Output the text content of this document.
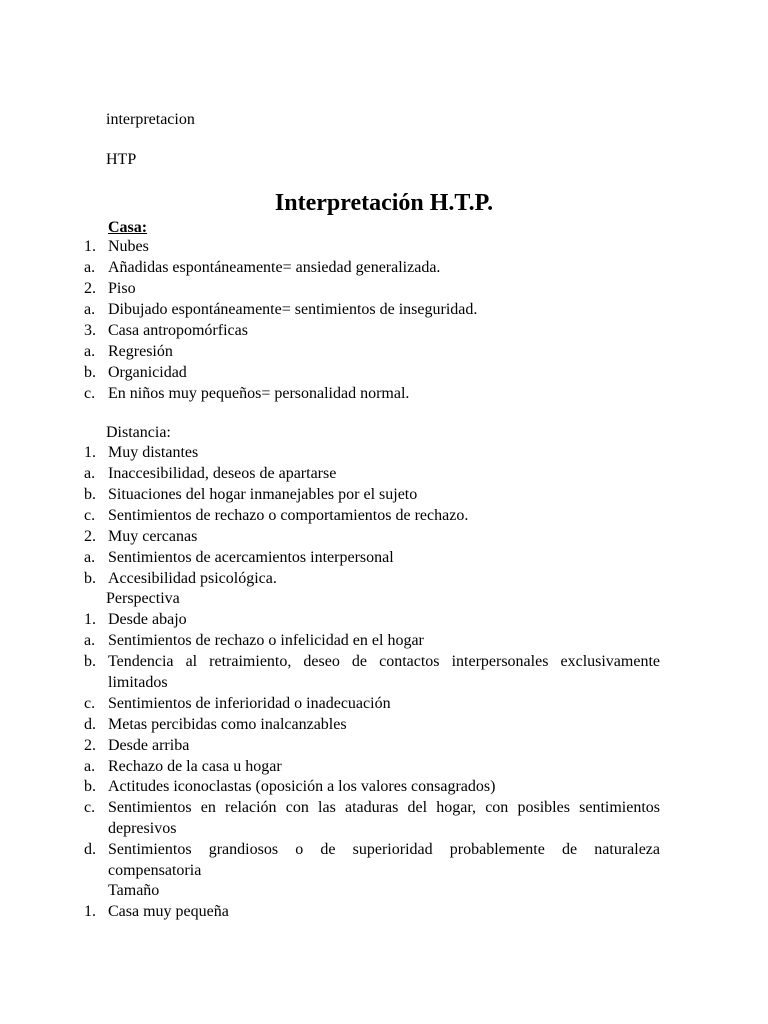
interpretacion
HTP
Interpretación H.T.P.
Casa:
1. Nubes
a. Añadidas espontáneamente= ansiedad generalizada.
2. Piso
a. Dibujado espontáneamente= sentimientos de inseguridad.
3. Casa antropomórficas
a. Regresión
b. Organicidad
c. En niños muy pequeños= personalidad normal.
Distancia:
1. Muy distantes
a. Inaccesibilidad, deseos de apartarse
b. Situaciones del hogar inmanejables por el sujeto
c. Sentimientos de rechazo o comportamientos de rechazo.
2. Muy cercanas
a. Sentimientos de acercamientos interpersonal
b. Accesibilidad psicológica.
Perspectiva
1. Desde abajo
a. Sentimientos de rechazo o infelicidad en el hogar
b. Tendencia al retraimiento, deseo de contactos interpersonales exclusivamente
limitados
c. Sentimientos de inferioridad o inadecuación
d. Metas percibidas como inalcanzables
2. Desde arriba
a. Rechazo de la casa u hogar
b. Actitudes iconoclastas (oposición a los valores consagrados)
c. Sentimientos en relación con las ataduras del hogar, con posibles sentimientos
depresivos
d. Sentimientos grandiosos o de superioridad probablemente de naturaleza
compensatoria
Tamaño
1. Casa muy pequeña
